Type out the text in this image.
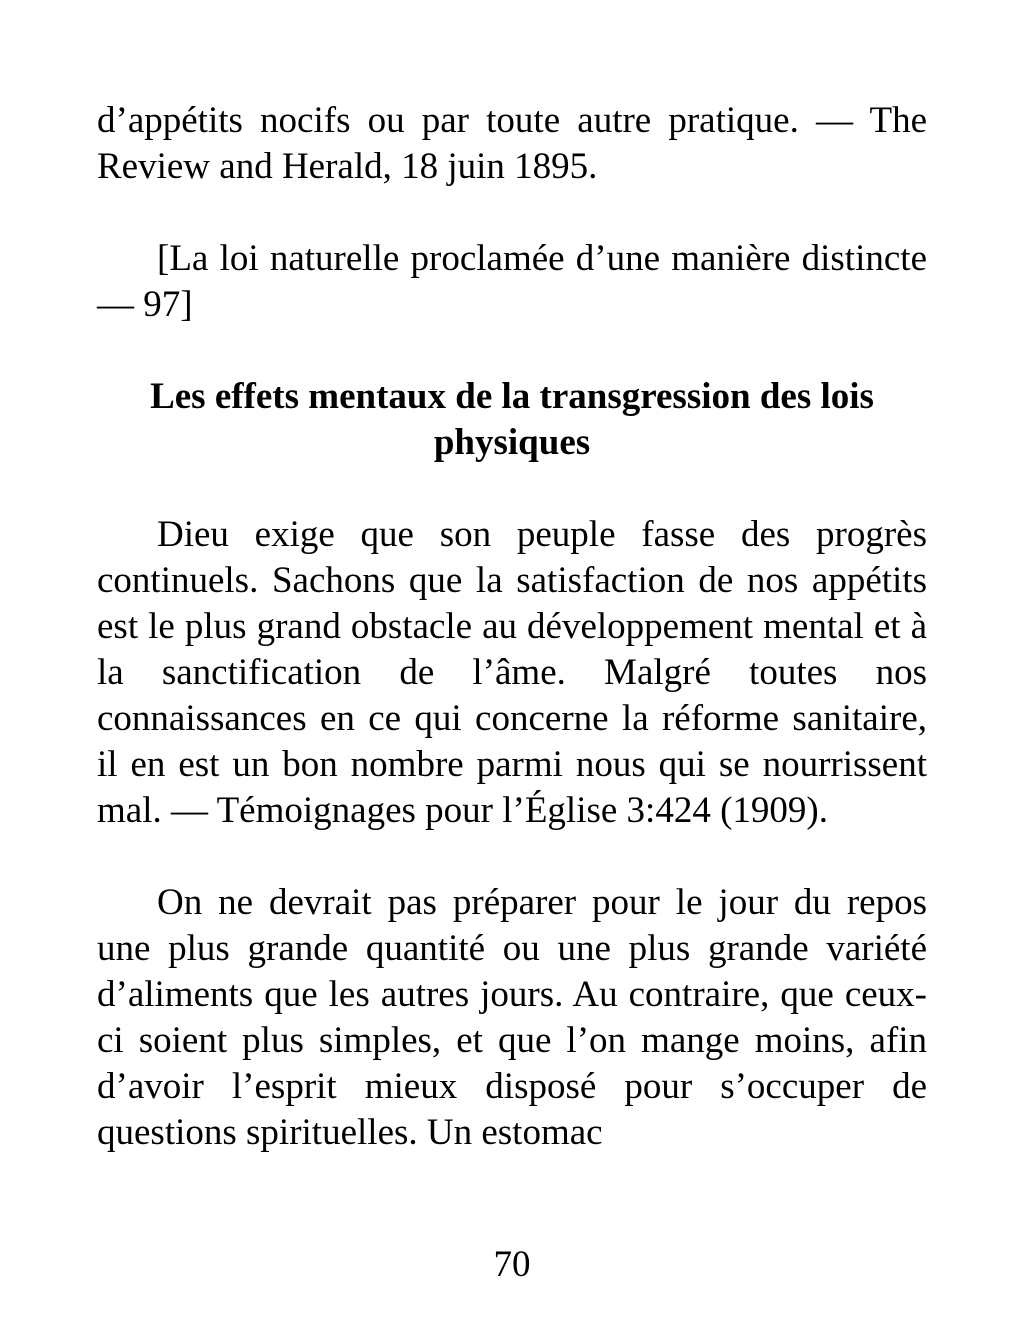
d’appétits nocifs ou par toute autre pratique. — The Review and Herald, 18 juin 1895.

[La loi naturelle proclamée d’une manière distincte — 97]

Les effets mentaux de la transgression des lois physiques

Dieu exige que son peuple fasse des progrès continuels. Sachons que la satisfaction de nos appétits est le plus grand obstacle au développement mental et à la sanctification de l’âme. Malgré toutes nos connaissances en ce qui concerne la réforme sanitaire, il en est un bon nombre parmi nous qui se nourrissent mal. — Témoignages pour l’Église 3:424 (1909).

On ne devrait pas préparer pour le jour du repos une plus grande quantité ou une plus grande variété d’aliments que les autres jours. Au contraire, que ceux-ci soient plus simples, et que l’on mange moins, afin d’avoir l’esprit mieux disposé pour s’occuper de questions spirituelles. Un estomac

70
